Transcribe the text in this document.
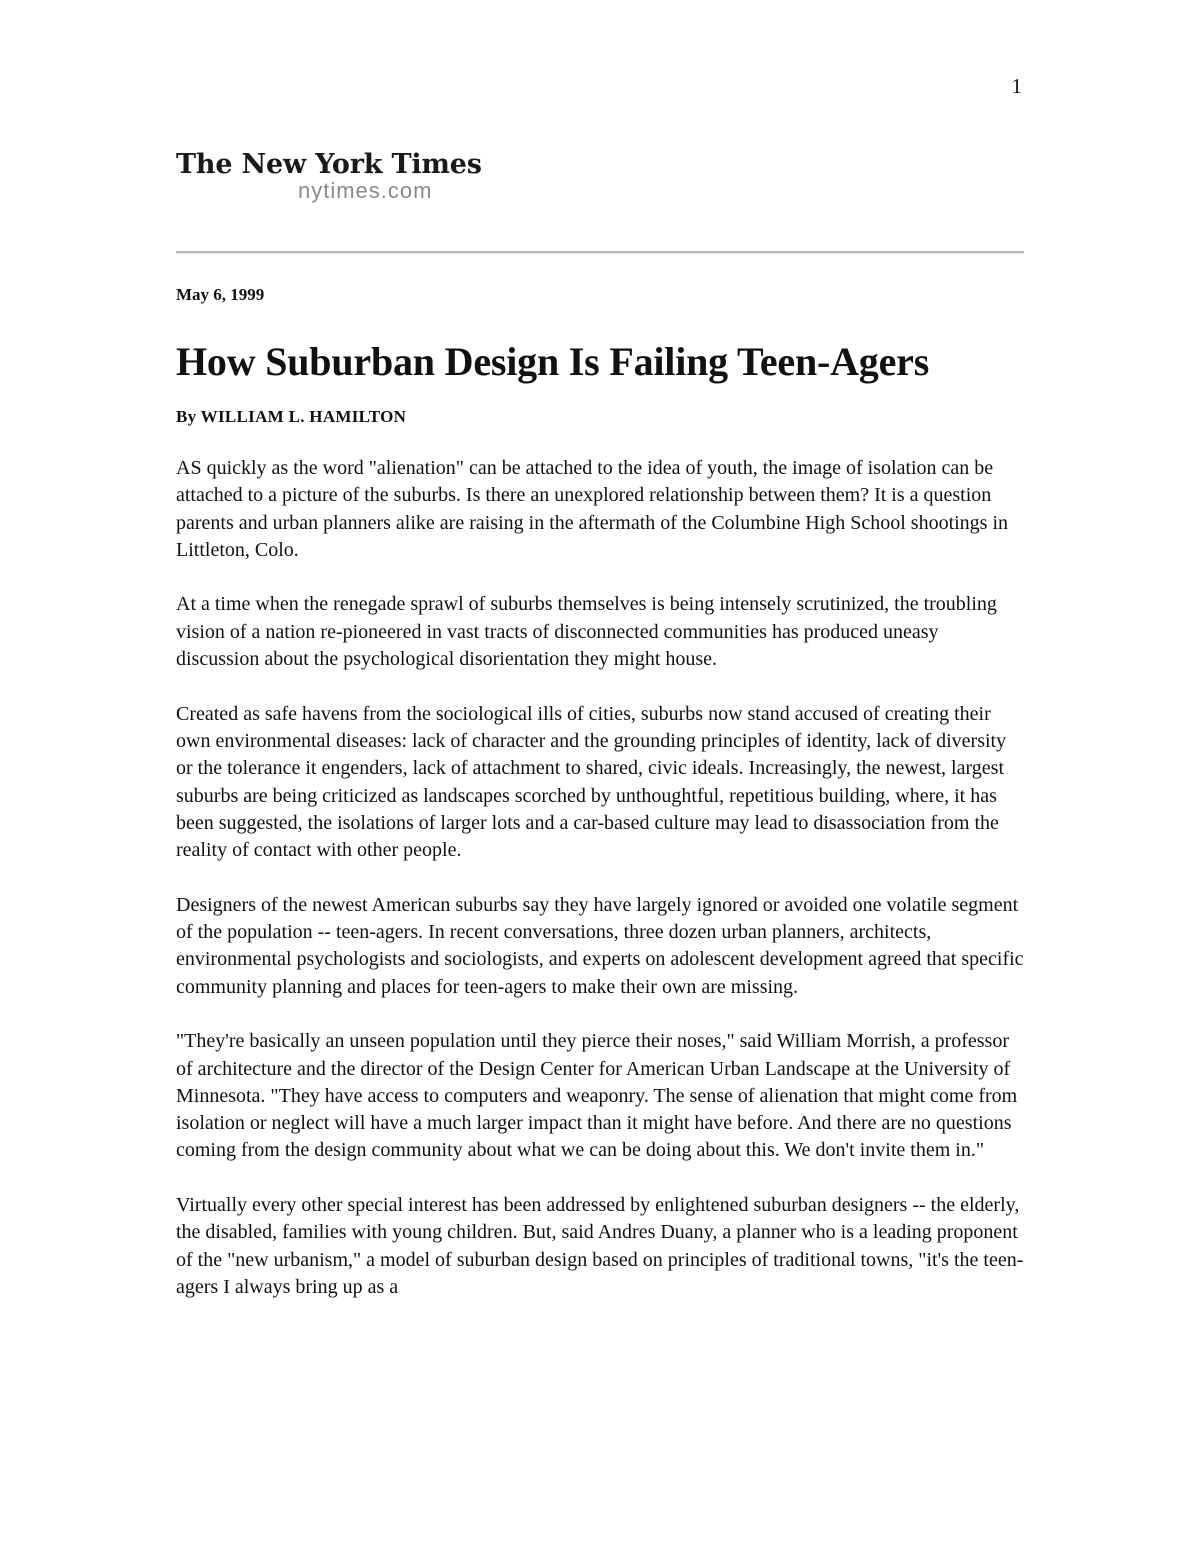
1
The New York Times
nytimes.com

May 6, 1999

How Suburban Design Is Failing Teen-Agers

By WILLIAM L. HAMILTON

AS quickly as the word "alienation" can be attached to the idea of youth, the image of isolation can be attached to a picture of the suburbs. Is there an unexplored relationship between them? It is a question parents and urban planners alike are raising in the aftermath of the Columbine High School shootings in Littleton, Colo.

At a time when the renegade sprawl of suburbs themselves is being intensely scrutinized, the troubling vision of a nation re-pioneered in vast tracts of disconnected communities has produced uneasy discussion about the psychological disorientation they might house.

Created as safe havens from the sociological ills of cities, suburbs now stand accused of creating their own environmental diseases: lack of character and the grounding principles of identity, lack of diversity or the tolerance it engenders, lack of attachment to shared, civic ideals. Increasingly, the newest, largest suburbs are being criticized as landscapes scorched by unthoughtful, repetitious building, where, it has been suggested, the isolations of larger lots and a car-based culture may lead to disassociation from the reality of contact with other people.

Designers of the newest American suburbs say they have largely ignored or avoided one volatile segment of the population -- teen-agers. In recent conversations, three dozen urban planners, architects, environmental psychologists and sociologists, and experts on adolescent development agreed that specific community planning and places for teen-agers to make their own are missing.

"They're basically an unseen population until they pierce their noses," said William Morrish, a professor of architecture and the director of the Design Center for American Urban Landscape at the University of Minnesota. "They have access to computers and weaponry. The sense of alienation that might come from isolation or neglect will have a much larger impact than it might have before. And there are no questions coming from the design community about what we can be doing about this. We don't invite them in."

Virtually every other special interest has been addressed by enlightened suburban designers -- the elderly, the disabled, families with young children. But, said Andres Duany, a planner who is a leading proponent of the "new urbanism," a model of suburban design based on principles of traditional towns, "it's the teen-agers I always bring up as a
